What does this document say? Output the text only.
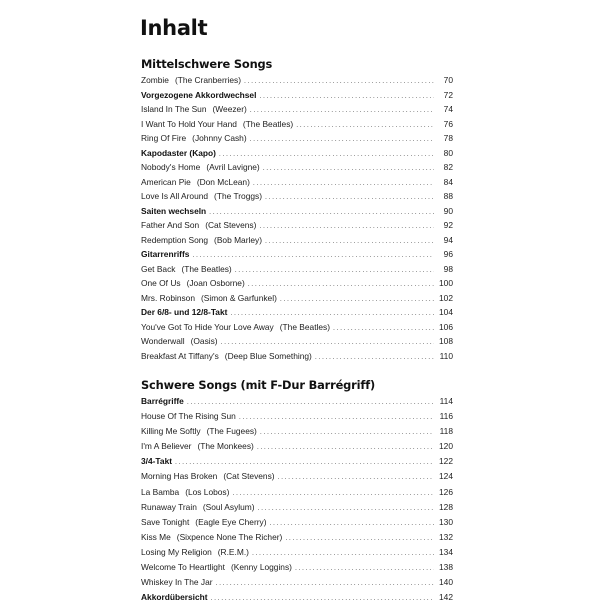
Inhalt
Mittelschwere Songs
Zombie (The Cranberries) .....	70
Vorgezogene Akkordwechsel .....	72
Island In The Sun (Weezer) .....	74
I Want To Hold Your Hand (The Beatles) .....	76
Ring Of Fire (Johnny Cash) .....	78
Kapodaster (Kapo) .....	80
Nobody's Home (Avril Lavigne) .....	82
American Pie (Don McLean) .....	84
Love Is All Around (The Troggs) .....	88
Saiten wechseln .....	90
Father And Son (Cat Stevens) .....	92
Redemption Song (Bob Marley) .....	94
Gitarrenriffs .....	96
Get Back (The Beatles) .....	98
One Of Us (Joan Osborne) .....	100
Mrs. Robinson (Simon & Garfunkel) .....	102
Der 6/8- und 12/8-Takt .....	104
You've Got To Hide Your Love Away (The Beatles) .....	106
Wonderwall (Oasis) .....	108
Breakfast At Tiffany's (Deep Blue Something) .....	110
Schwere Songs (mit F-Dur Barrégriff)
Barrégriffe .....	114
House Of The Rising Sun .....	116
Killing Me Softly (The Fugees) .....	118
I'm A Believer (The Monkees) .....	120
3/4-Takt .....	122
Morning Has Broken (Cat Stevens) .....	124
La Bamba (Los Lobos) .....	126
Runaway Train (Soul Asylum) .....	128
Save Tonight (Eagle Eye Cherry) .....	130
Kiss Me (Sixpence None The Richer) .....	132
Losing My Religion (R.E.M.) .....	134
Welcome To Heartlight (Kenny Loggins) .....	138
Whiskey In The Jar .....	140
Akkordübersicht .....	142
